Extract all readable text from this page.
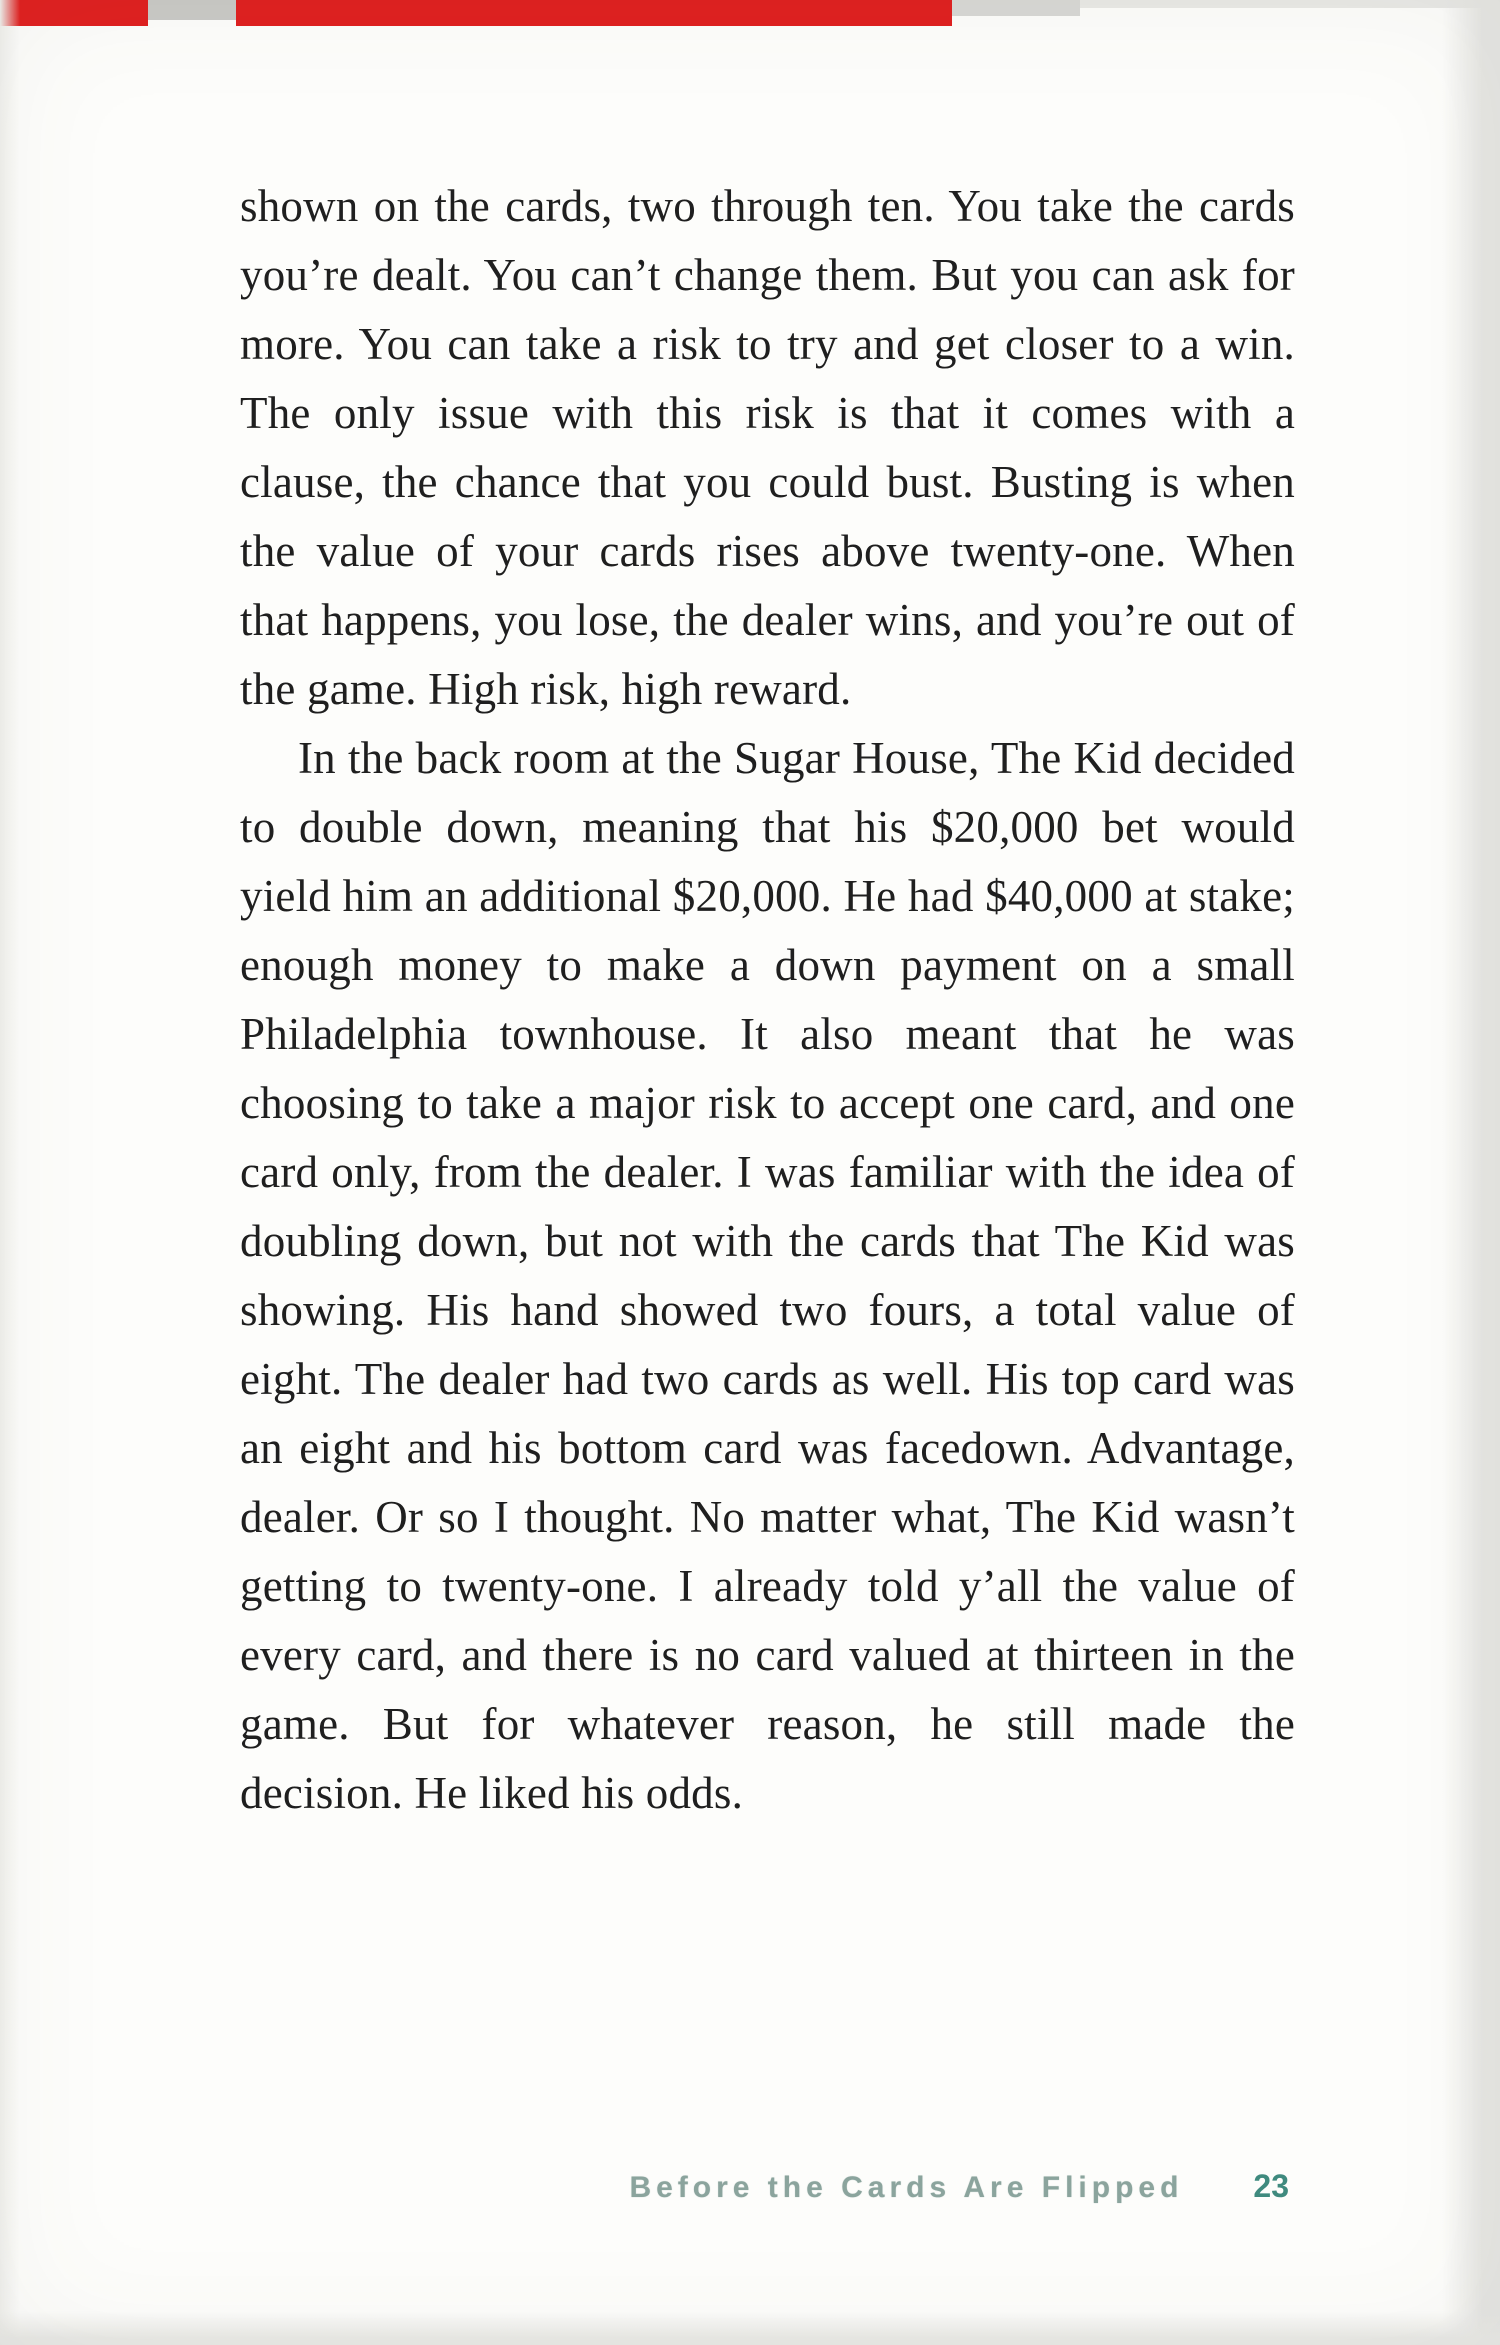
shown on the cards, two through ten. You take the cards you’re dealt. You can’t change them. But you can ask for more. You can take a risk to try and get closer to a win. The only issue with this risk is that it comes with a clause, the chance that you could bust. Busting is when the value of your cards rises above twenty-one. When that happens, you lose, the dealer wins, and you’re out of the game. High risk, high reward.

In the back room at the Sugar House, The Kid decided to double down, meaning that his $20,000 bet would yield him an additional $20,000. He had $40,000 at stake; enough money to make a down payment on a small Philadelphia townhouse. It also meant that he was choosing to take a major risk to accept one card, and one card only, from the dealer. I was familiar with the idea of doubling down, but not with the cards that The Kid was showing. His hand showed two fours, a total value of eight. The dealer had two cards as well. His top card was an eight and his bottom card was facedown. Advantage, dealer. Or so I thought. No matter what, The Kid wasn’t getting to twenty-one. I already told y’all the value of every card, and there is no card valued at thirteen in the game. But for whatever reason, he still made the decision. He liked his odds.

Before the Cards Are Flipped 23
